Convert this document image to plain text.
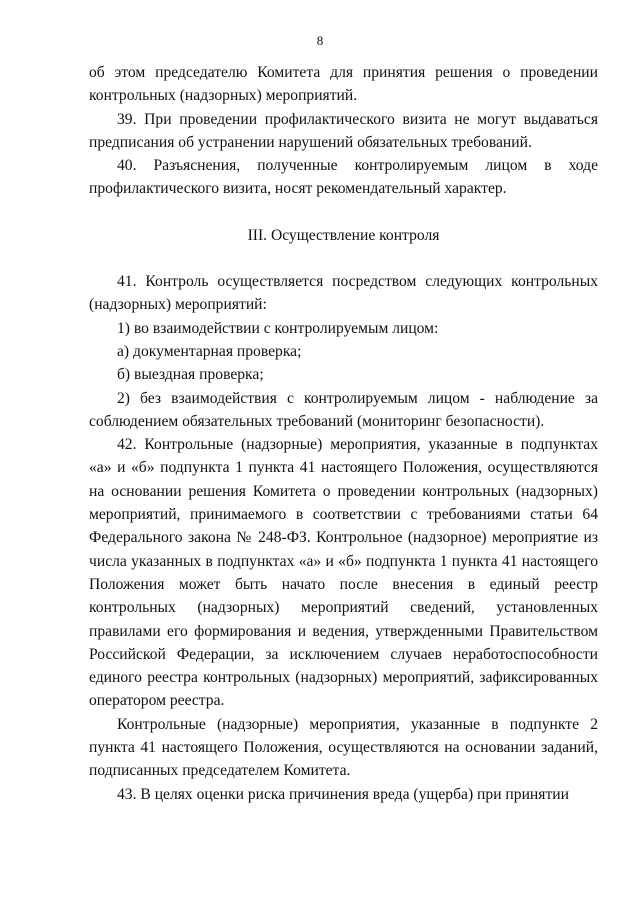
8

об этом председателю Комитета для принятия решения о проведении контрольных (надзорных) мероприятий.

39. При проведении профилактического визита не могут выдаваться предписания об устранении нарушений обязательных требований.

40. Разъяснения, полученные контролируемым лицом в ходе профилактического визита, носят рекомендательный характер.

III. Осуществление контроля

41. Контроль осуществляется посредством следующих контрольных (надзорных) мероприятий:

1) во взаимодействии с контролируемым лицом:

а) документарная проверка;

б) выездная проверка;

2) без взаимодействия с контролируемым лицом - наблюдение за соблюдением обязательных требований (мониторинг безопасности).

42. Контрольные (надзорные) мероприятия, указанные в подпунктах «а» и «б» подпункта 1 пункта 41 настоящего Положения, осуществляются на основании решения Комитета о проведении контрольных (надзорных) мероприятий, принимаемого в соответствии с требованиями статьи 64 Федерального закона № 248-ФЗ. Контрольное (надзорное) мероприятие из числа указанных в подпунктах «а» и «б» подпункта 1 пункта 41 настоящего Положения может быть начато после внесения в единый реестр контрольных (надзорных) мероприятий сведений, установленных правилами его формирования и ведения, утвержденными Правительством Российской Федерации, за исключением случаев неработоспособности единого реестра контрольных (надзорных) мероприятий, зафиксированных оператором реестра.

Контрольные (надзорные) мероприятия, указанные в подпункте 2 пункта 41 настоящего Положения, осуществляются на основании заданий, подписанных председателем Комитета.

43. В целях оценки риска причинения вреда (ущерба) при принятии
